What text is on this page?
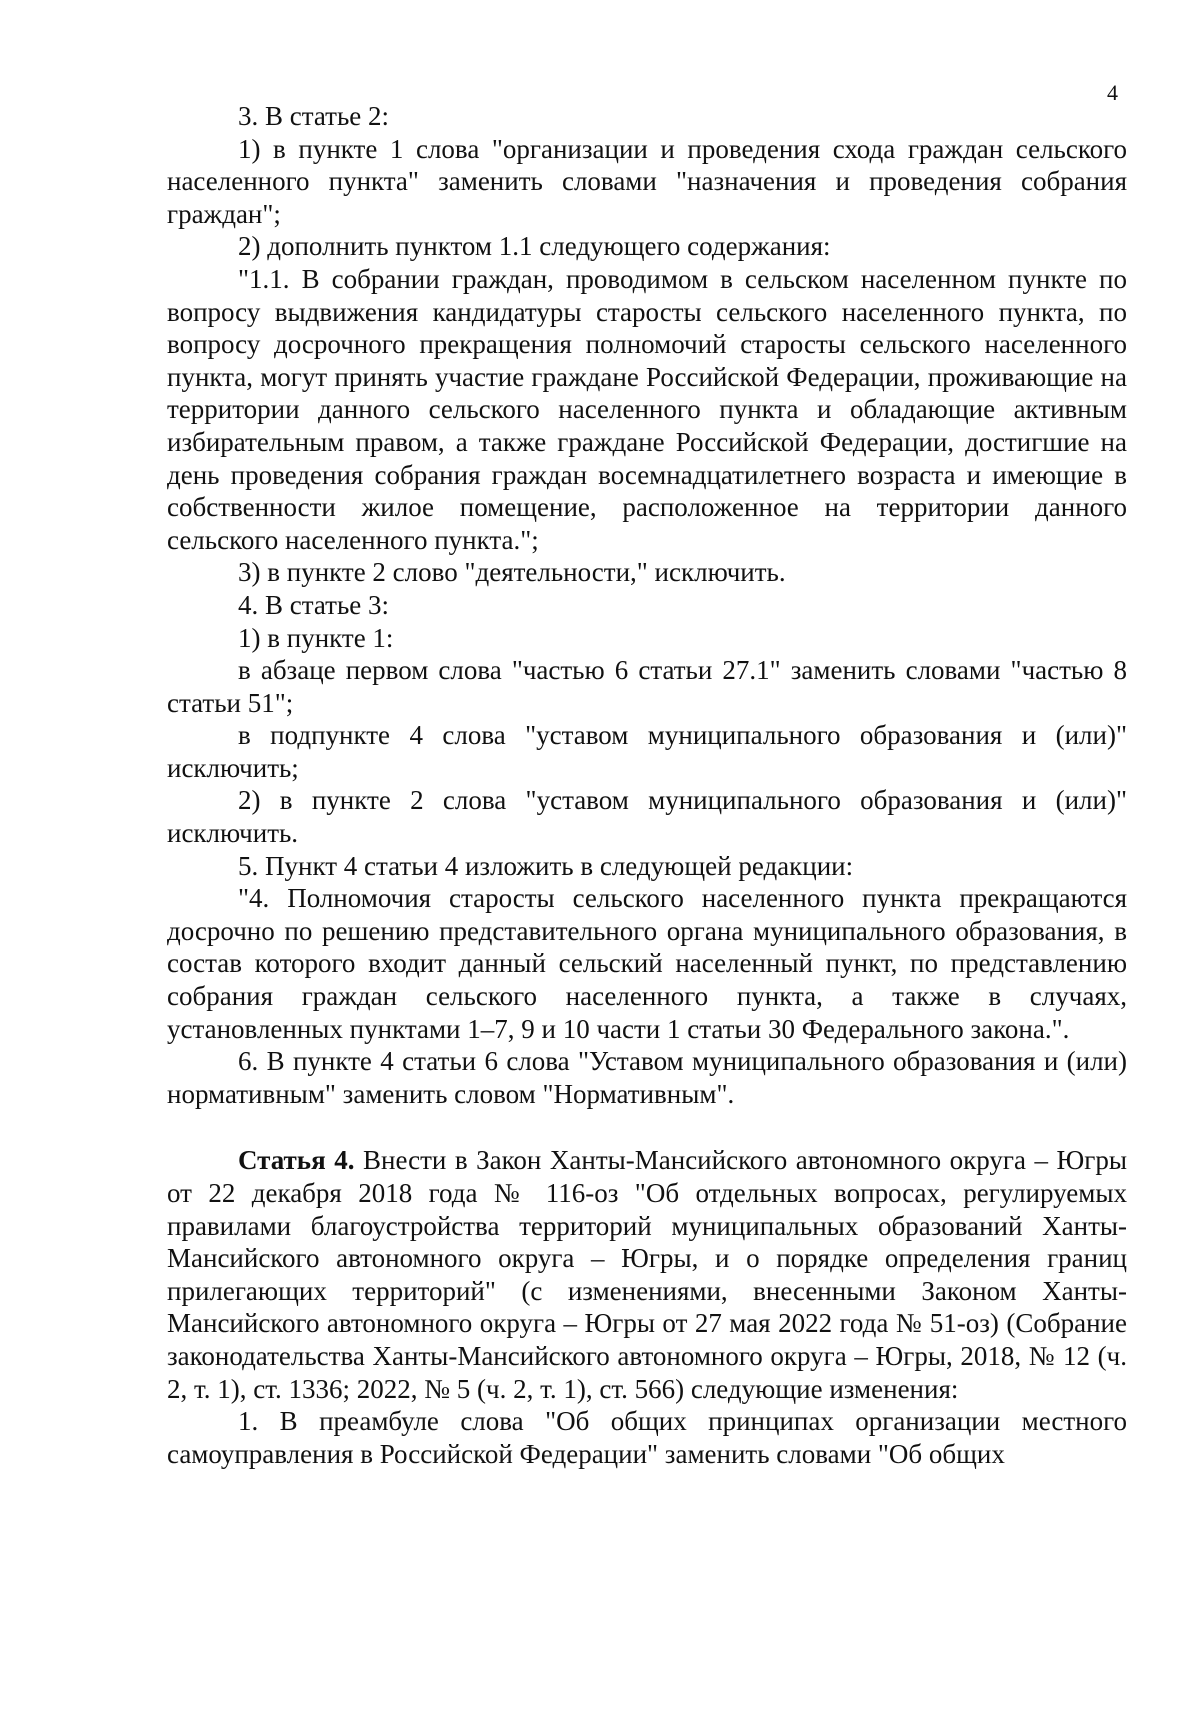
4

3. В статье 2:

1) в пункте 1 слова "организации и проведения схода граждан сельского населенного пункта" заменить словами "назначения и проведения собрания граждан";

2) дополнить пунктом 1.1 следующего содержания:

"1.1. В собрании граждан, проводимом в сельском населенном пункте по вопросу выдвижения кандидатуры старосты сельского населенного пункта, по вопросу досрочного прекращения полномочий старосты сельского населенного пункта, могут принять участие граждане Российской Федерации, проживающие на территории данного сельского населенного пункта и обладающие активным избирательным правом, а также граждане Российской Федерации, достигшие на день проведения собрания граждан восемнадцатилетнего возраста и имеющие в собственности жилое помещение, расположенное на территории данного сельского населенного пункта.";

3) в пункте 2 слово "деятельности," исключить.

4. В статье 3:

1) в пункте 1:

в абзаце первом слова "частью 6 статьи 27.1" заменить словами "частью 8 статьи 51";

в подпункте 4 слова "уставом муниципального образования и (или)" исключить;

2) в пункте 2 слова "уставом муниципального образования и (или)" исключить.

5. Пункт 4 статьи 4 изложить в следующей редакции:

"4. Полномочия старосты сельского населенного пункта прекращаются досрочно по решению представительного органа муниципального образования, в состав которого входит данный сельский населенный пункт, по представлению собрания граждан сельского населенного пункта, а также в случаях, установленных пунктами 1–7, 9 и 10 части 1 статьи 30 Федерального закона.".

6. В пункте 4 статьи 6 слова "Уставом муниципального образования и (или) нормативным" заменить словом "Нормативным".

Статья 4. Внести в Закон Ханты-Мансийского автономного округа – Югры от 22 декабря 2018 года № 116-оз "Об отдельных вопросах, регулируемых правилами благоустройства территорий муниципальных образований Ханты-Мансийского автономного округа – Югры, и о порядке определения границ прилегающих территорий" (с изменениями, внесенными Законом Ханты-Мансийского автономного округа – Югры от 27 мая 2022 года № 51-оз) (Собрание законодательства Ханты-Мансийского автономного округа – Югры, 2018, № 12 (ч. 2, т. 1), ст. 1336; 2022, № 5 (ч. 2, т. 1), ст. 566) следующие изменения:

1. В преамбуле слова "Об общих принципах организации местного самоуправления в Российской Федерации" заменить словами "Об общих
